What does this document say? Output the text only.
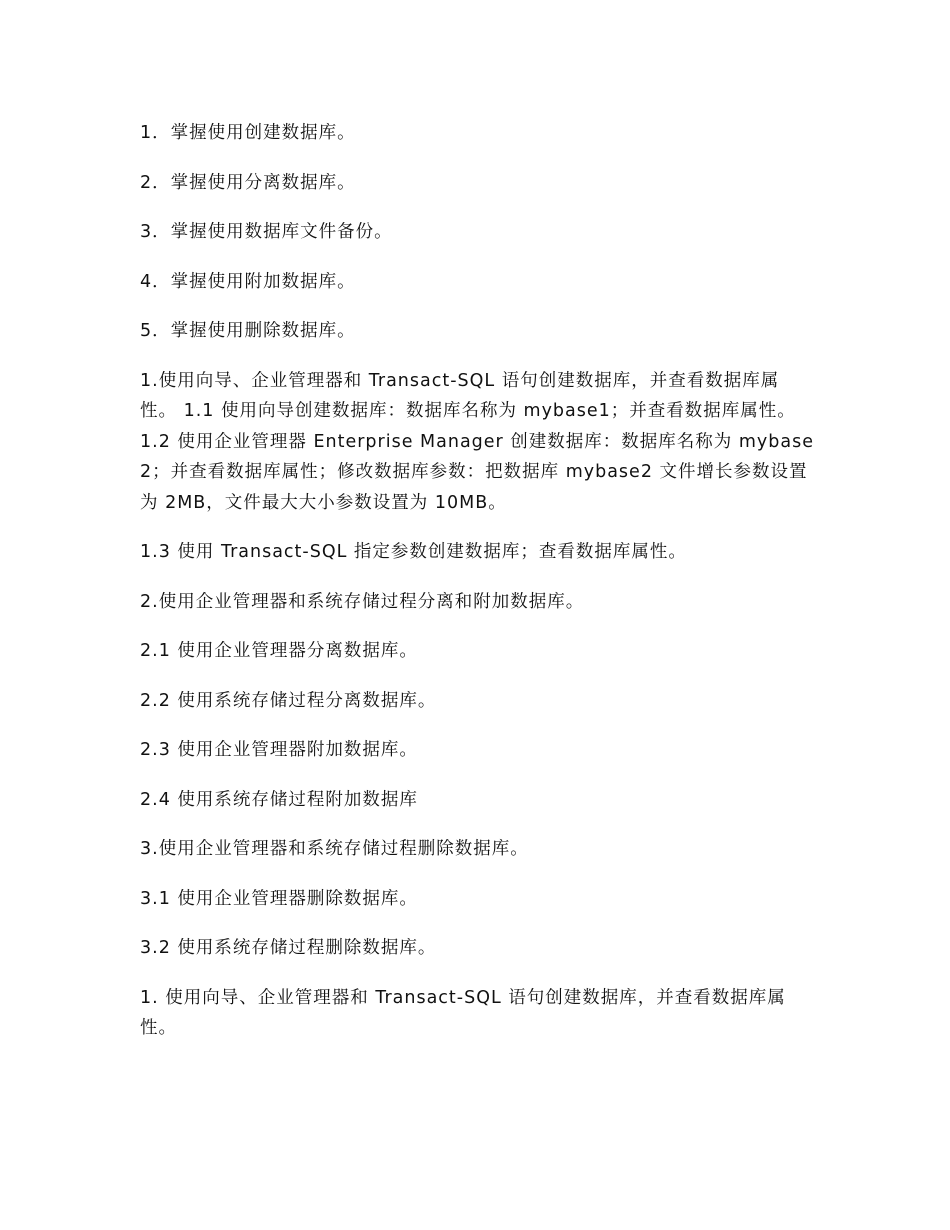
1．掌握使用创建数据库。

2．掌握使用分离数据库。

3．掌握使用数据库文件备份。

4．掌握使用附加数据库。

5．掌握使用删除数据库。

1.使用向导、企业管理器和 Transact-SQL 语句创建数据库，并查看数据库属性。 1.1 使用向导创建数据库：数据库名称为 mybase1；并查看数据库属性。 1.2 使用企业管理器 Enterprise Manager 创建数据库：数据库名称为 mybase2；并查看数据库属性；修改数据库参数：把数据库 mybase2 文件增长参数设置为 2MB，文件最大大小参数设置为 10MB。

1.3 使用 Transact-SQL 指定参数创建数据库；查看数据库属性。

2.使用企业管理器和系统存储过程分离和附加数据库。

2.1 使用企业管理器分离数据库。

2.2 使用系统存储过程分离数据库。

2.3 使用企业管理器附加数据库。

2.4 使用系统存储过程附加数据库

3.使用企业管理器和系统存储过程删除数据库。

3.1 使用企业管理器删除数据库。

3.2 使用系统存储过程删除数据库。

1. 使用向导、企业管理器和 Transact-SQL 语句创建数据库，并查看数据库属性。
